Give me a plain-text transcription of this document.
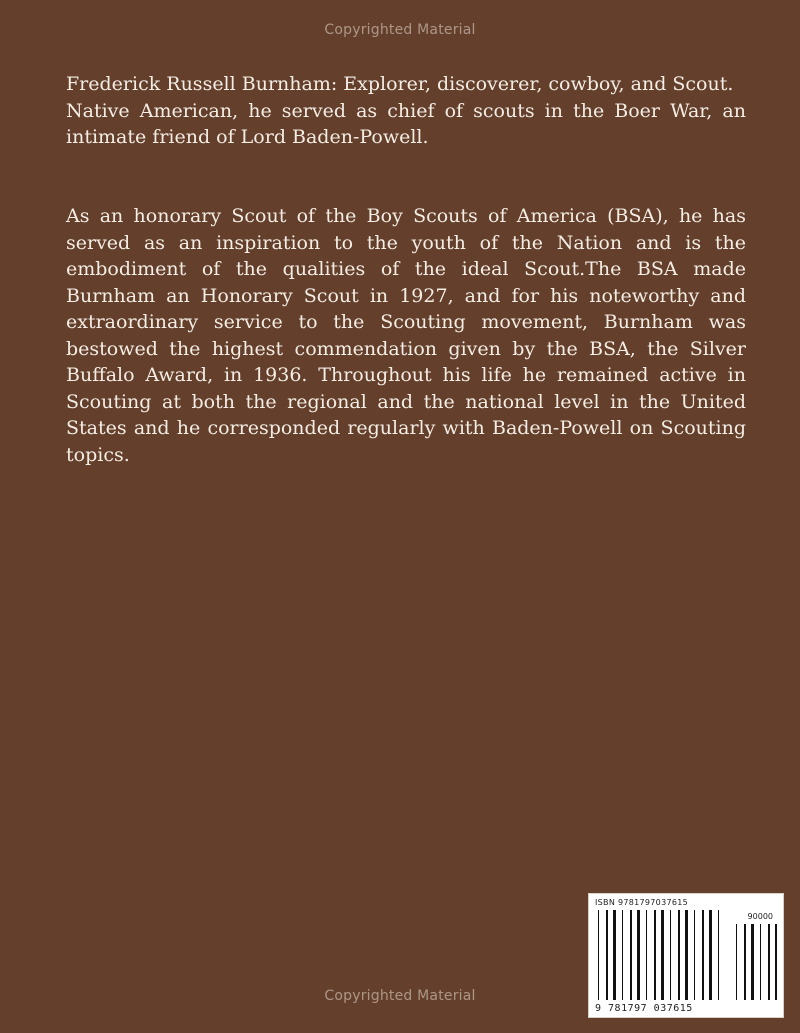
Copyrighted Material

Frederick Russell Burnham: Explorer, discoverer, cowboy, and Scout.

Native American, he served as chief of scouts in the Boer War, an intimate friend of Lord Baden-Powell.

As an honorary Scout of the Boy Scouts of America (BSA), he has served as an inspiration to the youth of the Nation and is the embodiment of the qualities of the ideal Scout.The BSA made Burnham an Honorary Scout in 1927, and for his noteworthy and extraordinary service to the Scouting movement, Burnham was bestowed the highest commendation given by the BSA, the Silver Buffalo Award, in 1936. Throughout his life he remained active in Scouting at both the regional and the national level in the United States and he corresponded regularly with Baden-Powell on Scouting topics.

ISBN 9781797037615
90000
9 781797 037615
Copyrighted Material
